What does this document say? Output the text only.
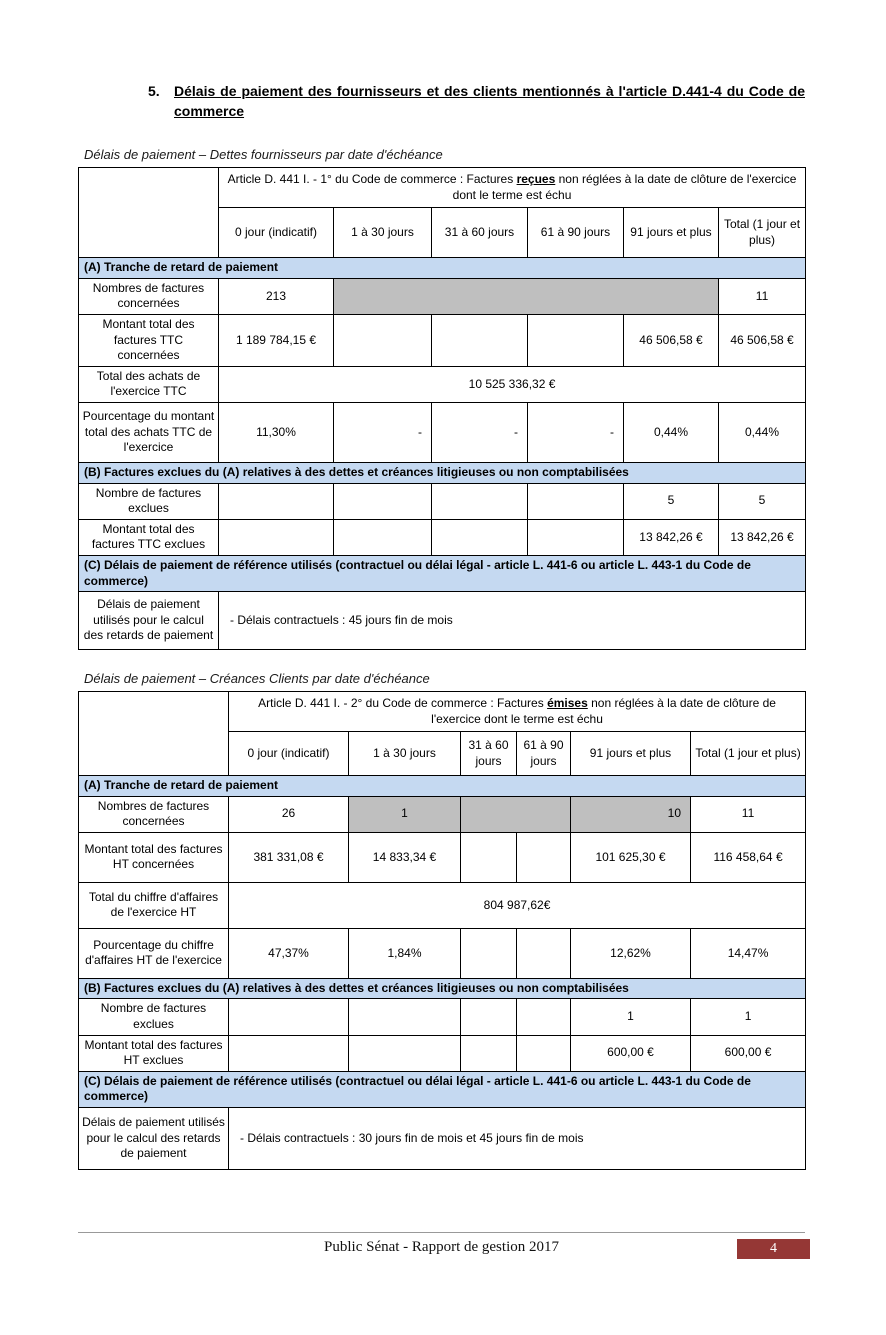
5.	Délais de paiement des fournisseurs et des clients mentionnés à l'article D.441-4 du Code de commerce

Délais de paiement – Dettes fournisseurs par date d'échéance

	Article D. 441 I. - 1° du Code de commerce : Factures reçues non réglées à la date de clôture de l'exercice dont le terme est échu					
	0 jour (indicatif)	1 à 30 jours	31 à 60 jours	61 à 90 jours	91 jours et plus	Total (1 jour et plus)
(A) Tranche de retard de paiement						
Nombres de factures concernées	213					11
Montant total des factures TTC concernées	1 189 784,15 €				46 506,58 €	46 506,58 €
Total des achats de l'exercice TTC	10 525 336,32 €					
Pourcentage du montant total des achats TTC de l'exercice	11,30%	-	-	-	0,44%	0,44%
(B) Factures exclues du (A) relatives à des dettes et créances litigieuses ou non comptabilisées						
Nombre de factures exclues					5	5
Montant total des factures TTC exclues					13 842,26 €	13 842,26 €
(C) Délais de paiement de référence utilisés (contractuel ou délai légal - article L. 441-6 ou article L. 443-1 du Code de commerce)						
Délais de paiement utilisés pour le calcul des retards de paiement	- Délais contractuels : 45 jours fin de mois					

Délais de paiement – Créances Clients par date d'échéance

	Article D. 441 I. - 2° du Code de commerce : Factures émises non réglées à la date de clôture de l'exercice dont le terme est échu					
	0 jour (indicatif)	1 à 30 jours	31 à 60 jours	61 à 90 jours	91 jours et plus	Total (1 jour et plus)
(A) Tranche de retard de paiement						
Nombres de factures concernées	26	1			10	11
Montant total des factures HT concernées	381 331,08 €	14 833,34 €			101 625,30 €	116 458,64 €
Total du chiffre d'affaires de l'exercice HT	804 987,62€					
Pourcentage du chiffre d'affaires HT de l'exercice	47,37%	1,84%			12,62%	14,47%
(B) Factures exclues du (A) relatives à des dettes et créances litigieuses ou non comptabilisées						
Nombre de factures exclues					1	1
Montant total des factures HT exclues					600,00 €	600,00 €
(C) Délais de paiement de référence utilisés (contractuel ou délai légal - article L. 441-6 ou article L. 443-1 du Code de commerce)						
Délais de paiement utilisés pour le calcul des retards de paiement	- Délais contractuels : 30 jours fin de mois et 45 jours fin de mois					
Public Sénat - Rapport de gestion 2017	4
